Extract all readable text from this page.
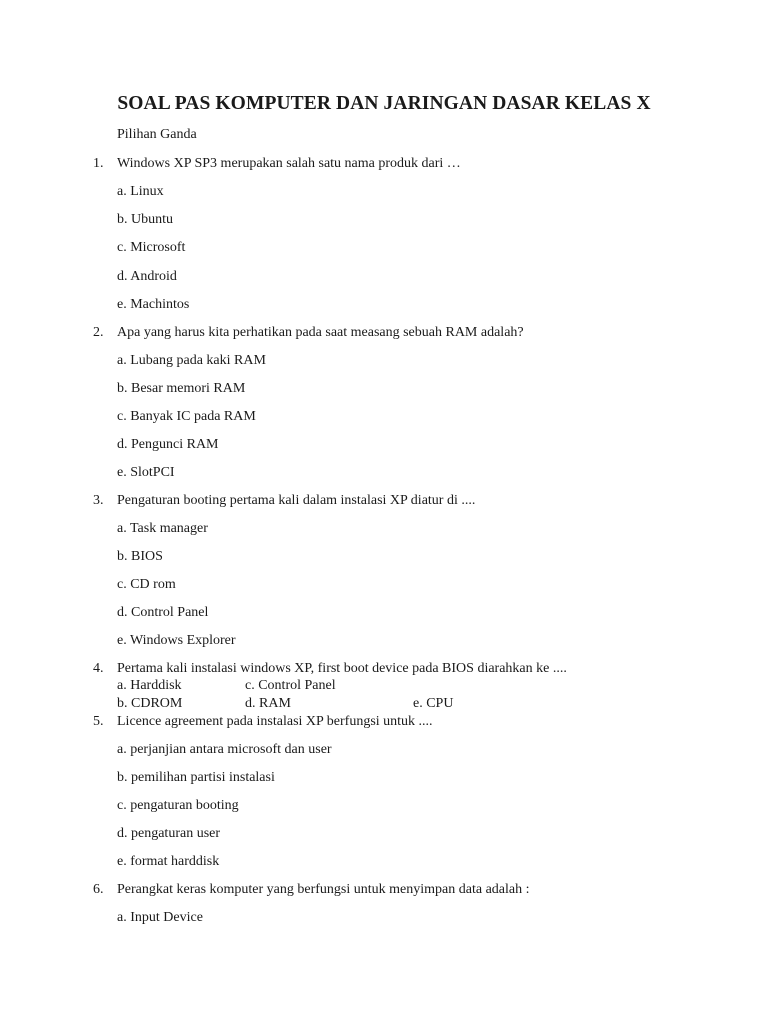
SOAL PAS KOMPUTER DAN JARINGAN DASAR KELAS X
Pilihan Ganda
1. Windows XP SP3 merupakan salah satu nama produk dari …
a. Linux
b. Ubuntu
c. Microsoft
d. Android
e. Machintos
2. Apa yang harus kita perhatikan pada saat measang sebuah RAM adalah?
a. Lubang pada kaki RAM
b. Besar memori RAM
c. Banyak IC pada RAM
d. Pengunci RAM
e. SlotPCI
3. Pengaturan booting pertama kali dalam instalasi XP diatur di ....
a. Task manager
b. BIOS
c. CD rom
d. Control Panel
e. Windows Explorer
4. Pertama kali instalasi windows XP, first boot device pada BIOS diarahkan ke ....
a. Harddisk	c. Control Panel
b. CDROM	d. RAM	e. CPU
5. Licence agreement pada instalasi XP berfungsi untuk ....
a. perjanjian antara microsoft dan user
b. pemilihan partisi instalasi
c. pengaturan booting
d. pengaturan user
e. format harddisk
6. Perangkat keras komputer yang berfungsi untuk menyimpan data adalah :
a. Input Device
